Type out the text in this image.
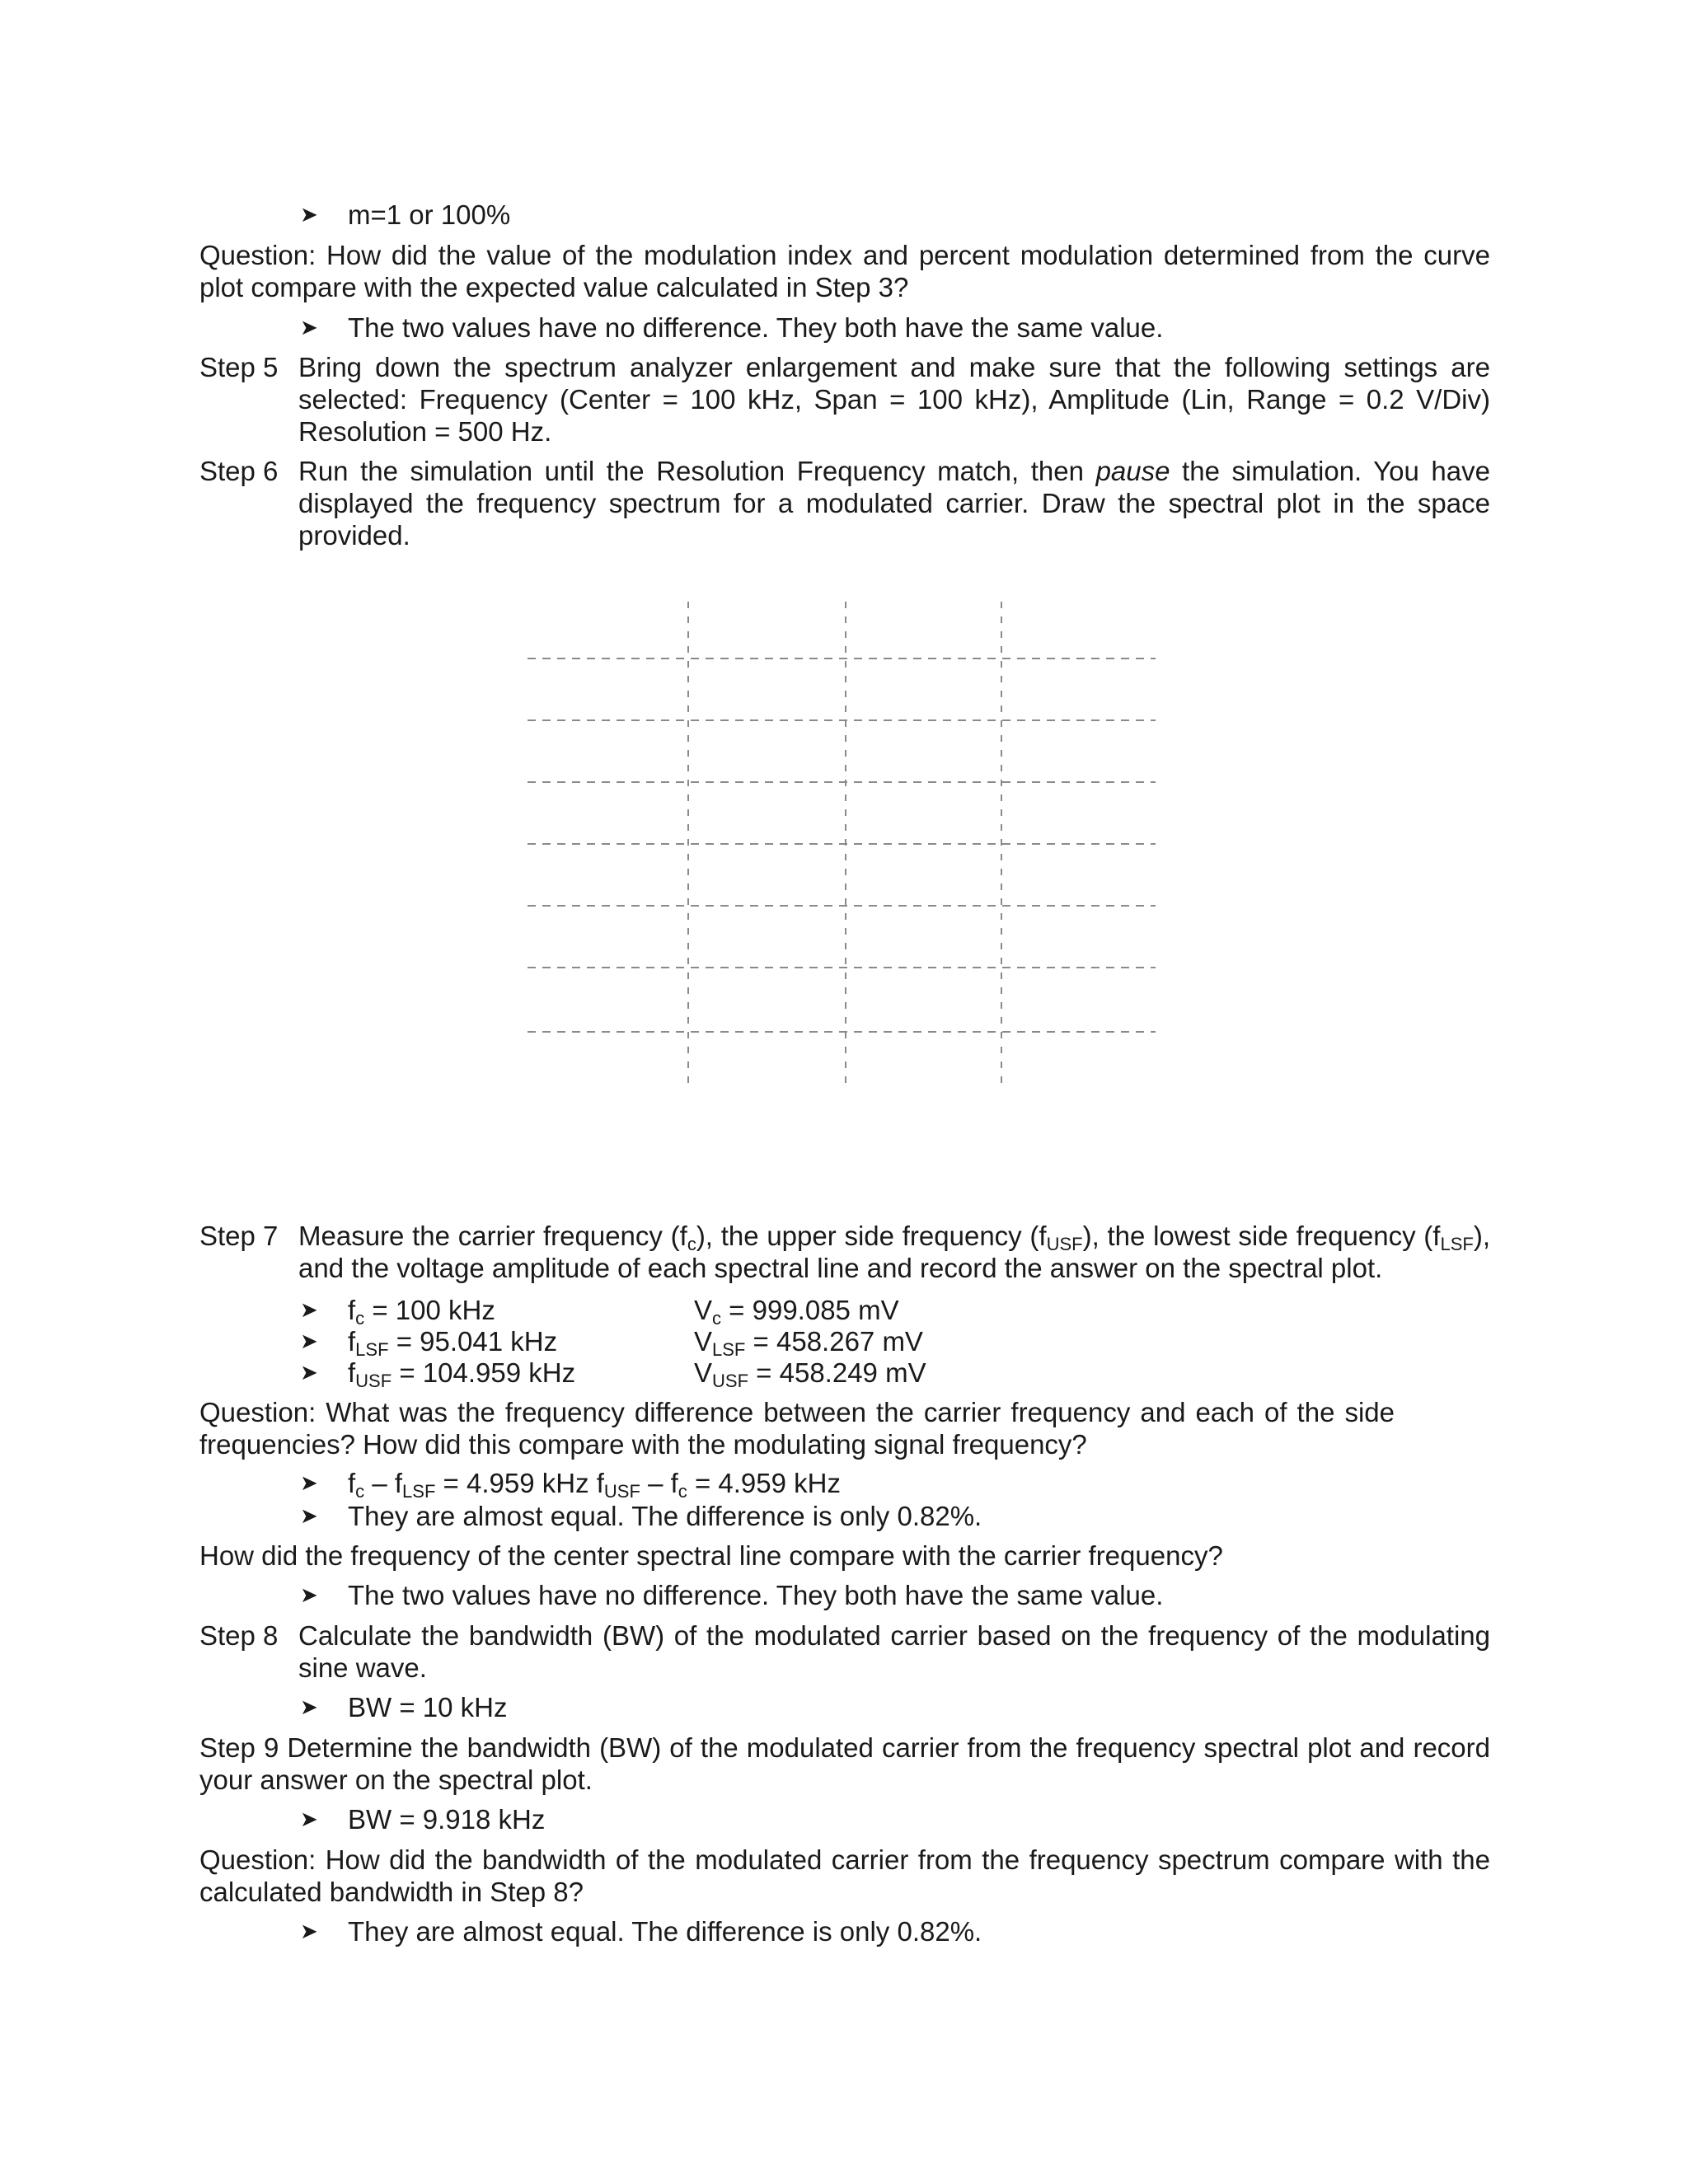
➤ m=1 or 100%
Question: How did the value of the modulation index and percent modulation determined from the curve plot compare with the expected value calculated in Step 3?
➤ The two values have no difference. They both have the same value.
Step 5 Bring down the spectrum analyzer enlargement and make sure that the following settings are selected: Frequency (Center = 100 kHz, Span = 100 kHz), Amplitude (Lin, Range = 0.2 V/Div) Resolution = 500 Hz.
Step 6 Run the simulation until the Resolution Frequency match, then pause the simulation. You have displayed the frequency spectrum for a modulated carrier. Draw the spectral plot in the space provided.
Step 7 Measure the carrier frequency $(f_c)$, the upper side frequency $(f_{USF})$, the lowest side frequency $(f_{LSF})$, and the voltage amplitude of each spectral line and record the answer on the spectral plot.
➤ $f_c = 100$ kHz	$V_c = 999.085$ mV
➤ $f_{LSF} = 95.041$ kHz	$V_{LSF} = 458.267$ mV
➤ $f_{USF} = 104.959$ kHz	$V_{USF} = 458.249$ mV
Question: What was the frequency difference between the carrier frequency and each of the side frequencies? How did this compare with the modulating signal frequency?
➤ $f_c - f_{LSF} = 4.959$ kHz $f_{USF} - f_c = 4.959$ kHz
➤ They are almost equal. The difference is only 0.82%.
How did the frequency of the center spectral line compare with the carrier frequency?
➤ The two values have no difference. They both have the same value.
Step 8 Calculate the bandwidth (BW) of the modulated carrier based on the frequency of the modulating sine wave.
➤ BW = 10 kHz
Step 9 Determine the bandwidth (BW) of the modulated carrier from the frequency spectral plot and record your answer on the spectral plot.
➤ BW = 9.918 kHz
Question: How did the bandwidth of the modulated carrier from the frequency spectrum compare with the calculated bandwidth in Step 8?
➤ They are almost equal. The difference is only 0.82%.
